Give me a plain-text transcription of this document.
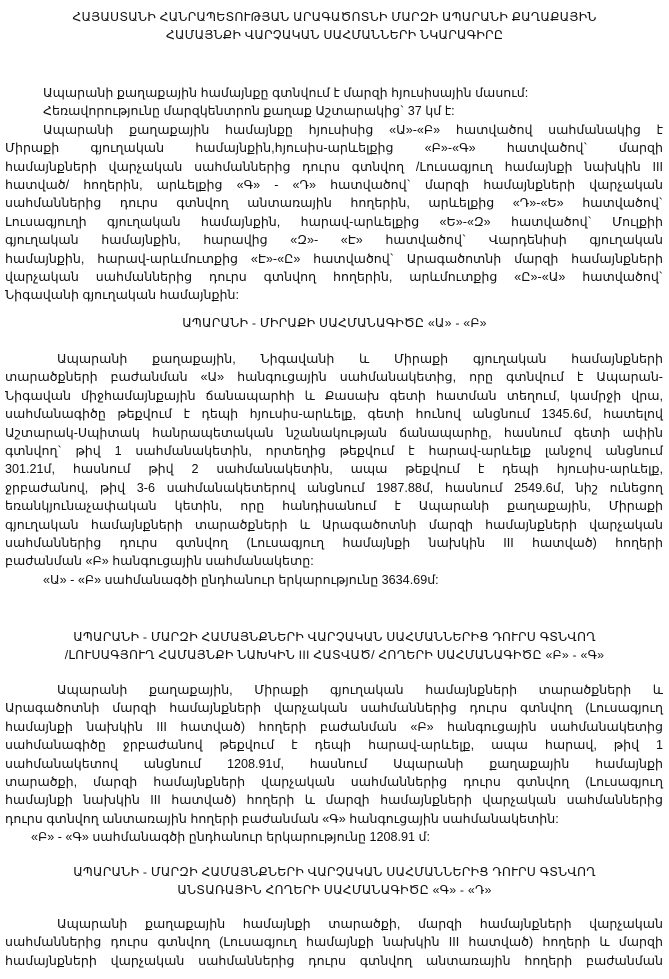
ՀԱՅԱՍՏԱՆԻ ՀԱՆՐԱՊԵՏՈՒԹՅԱՆ ԱՐԱԳԱԾՈՏՆԻ ՄԱՐԶԻ ԱՊԱՐԱՆԻ ՔԱՂԱՔԱՅԻՆ
ՀԱՄԱՅՆՔԻ ՎԱՐՉԱԿԱՆ ՍԱՀՄԱՆՆԵՐԻ ՆԿԱՐԱԳԻՐԸ
Ապարանի քաղաքային համայնքը գտնվում է մարզի հյուսիսային մասում:
Հեռավորությունը մարզկենտրոն քաղաք Աշտարակից` 37 կմ է:
Ապարանի քաղաքային համայնքը հյուսիսից «Ա»-«Բ» հատվածով սահմանակից է
Միրաքի գյուղական համայնքին,հյուսիս-արևելքից «Բ»-«Գ» հատվածով` մարզի
համայնքների վարչական սահմաններից դուրս գտնվող /Լուսագյուղ համայնքի նախկին III
հատված/ հողերին, արևելքից «Գ» - «Դ» հատվածով` մարզի համայնքների վարչական
սահմաններից դուրս գտնվող անտառային հողերին, արևելքից «Դ»-«Ե» հատվածով`
Լուսագյուղի գյուղական համայնքին, հարավ-արևելքից «Ե»-«Զ» հատվածով` Մուլքիի
գյուղական համայնքին, հարավից «Զ»- «Է» հատվածով` Վարդենիսի գյուղական
համայնքին, հարավ-արևմուտքից «Է»-«Ը» հատվածով` Արագածոտնի մարզի համայնքների
վարչական սահմաններից դուրս գտնվող հողերին, արևմուտքից «Ը»-«Ա» հատվածով`
Նիգավանի գյուղական համայնքին:
ԱՊԱՐԱՆԻ - ՄԻՐԱՔԻ ՍԱՀՄԱՆԱԳԻԾԸ «Ա» - «Բ»
Ապարանի քաղաքային, Նիգավանի և Միրաքի գյուղական համայնքների
տարածքների բաժանման «Ա» հանգուցային սահմանակետից, որը գտնվում է Ապարան-
Նիգավան միջհամայնքային ճանապարհի և Քասախ գետի հատման տեղում, կամրջի վրա,
սահմանագիծը թեքվում է դեպի հյուսիս-արևելք, գետի հունով անցնում 1345.6մ, հատելով
Աշտարակ-Սպիտակ հանրապետական նշանակության ճանապարհը, հասնում գետի ափին
գտնվող` թիվ 1 սահմանակետին, որտեղից թեքվում է հարավ-արևելք լանջով անցնում
301.21մ, հասնում թիվ 2 սահմանակետին, ապա թեքվում է դեպի հյուսիս-արևելք,
ջրբաժանով, թիվ 3-6 սահմանակետերով անցնում 1987.88մ, հասնում 2549.6մ, նիշ ունեցող
եռանկյունաչափական կետին, որը հանդիսանում է Ապարանի քաղաքային, Միրաքի
գյուղական համայնքների տարածքների և Արագածոտնի մարզի համայնքների վարչական
սահմաններից դուրս գտնվող (Լուսագյուղ համայնքի նախկին III հատված) հողերի
բաժանման «Բ» հանգուցային սահմանակետը:
«Ա» - «Բ» սահմանագծի ընդհանուր երկարությունը 3634.69մ:
ԱՊԱՐԱՆԻ - ՄԱՐԶԻ ՀԱՄԱՅՆՔՆԵՐԻ ՎԱՐՉԱԿԱՆ ՍԱՀՄԱՆՆԵՐԻՑ ԴՈՒՐՍ ԳՏՆՎՈՂ
/ԼՈՒՍԱԳՅՈՒՂ ՀԱՄԱՅՆՔԻ ՆԱԽԿԻՆ III ՀԱՏՎԱԾ/ ՀՈՂԵՐԻ ՍԱՀՄԱՆԱԳԻԾԸ «Բ» - «Գ»
Ապարանի քաղաքային, Միրաքի գյուղական համայնքների տարածքների և
Արագածոտնի մարզի համայնքների վարչական սահմաններից դուրս գտնվող (Լուսագյուղ
համայնքի նախկին III հատված) հողերի բաժանման «Բ» հանգուցային սահմանակետից
սահմանագիծը ջրբաժանով թեքվում է դեպի հարավ-արևելք, ապա հարավ, թիվ 1
սահմանակետով անցնում 1208.91մ, հասնում Ապարանի քաղաքային համայնքի
տարածքի, մարզի համայնքների վարչական սահմաններից դուրս գտնվող (Լուսագյուղ
համայնքի նախկին III հատված) հողերի և մարզի համայնքների վարչական սահմաններից
դուրս գտնվող անտառային հողերի բաժանման «Գ» հանգուցային սահմանակետին:
«Բ» - «Գ» սահմանագծի ընդհանուր երկարությունը 1208.91 մ:
ԱՊԱՐԱՆԻ - ՄԱՐԶԻ ՀԱՄԱՅՆՔՆԵՐԻ ՎԱՐՉԱԿԱՆ ՍԱՀՄԱՆՆԵՐԻՑ ԴՈՒՐՍ ԳՏՆՎՈՂ
ԱՆՏԱՌԱՅԻՆ ՀՈՂԵՐԻ ՍԱՀՄԱՆԱԳԻԾԸ «Գ» - «Դ»
Ապարանի քաղաքային համայնքի տարածքի, մարզի համայնքների վարչական
սահմաններից դուրս գտնվող (Լուսագյուղ համայնքի նախկին III հատված) հողերի և մարզի
համայնքների վարչական սահմաններից դուրս գտնվող անտառային հողերի բաժանման
